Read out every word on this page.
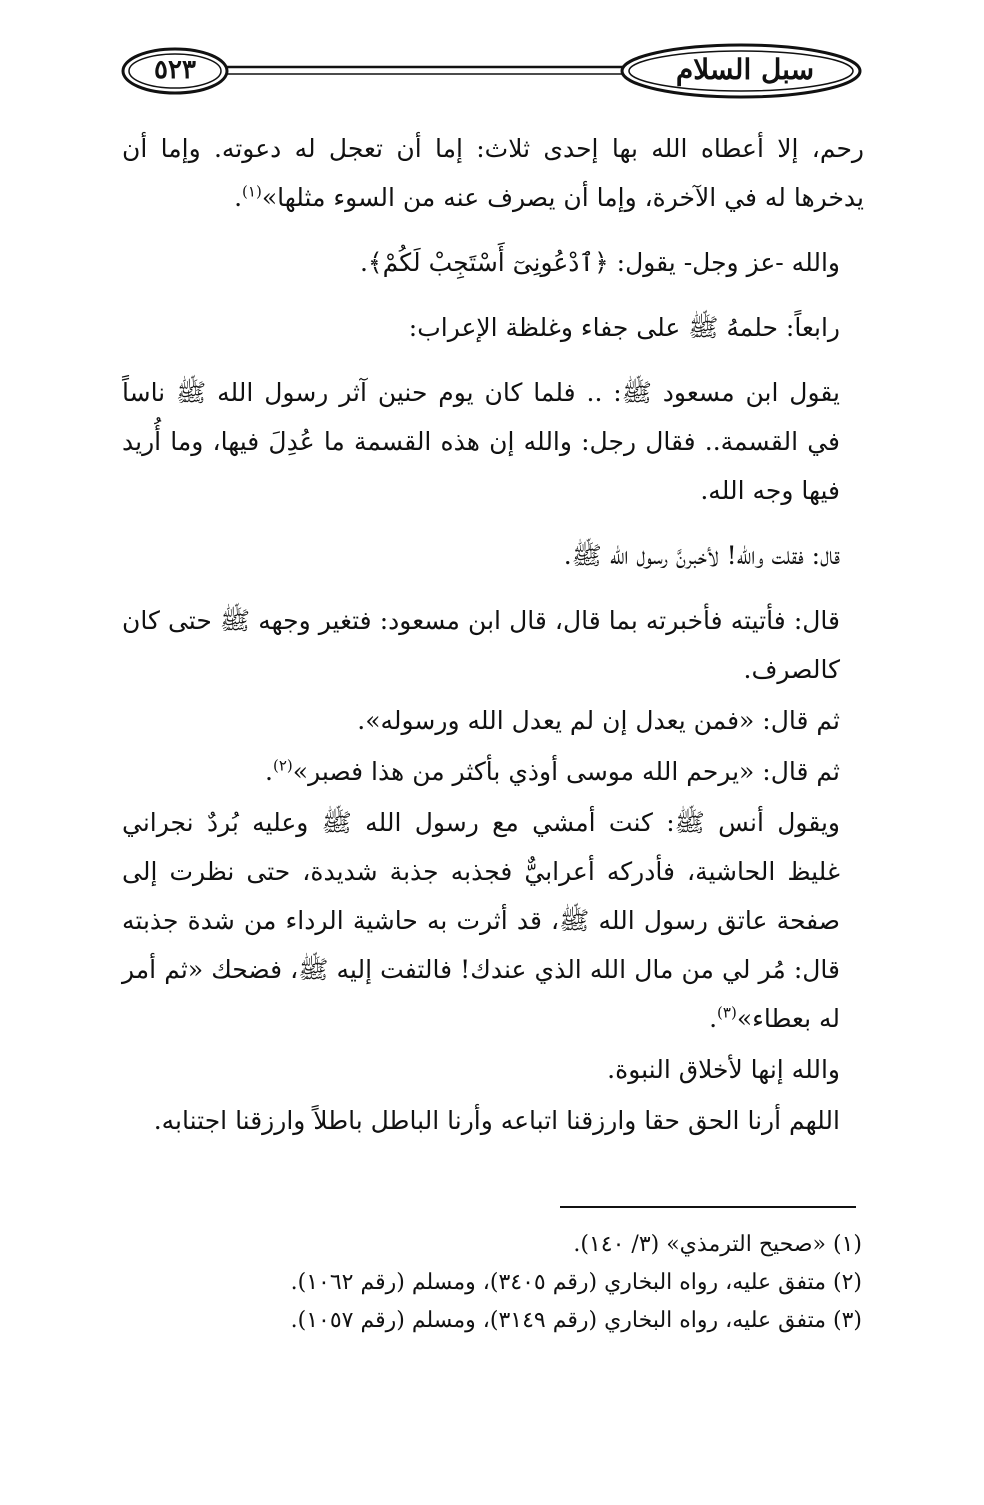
٥٢٣	سبل السلام

رحم، إلا أعطاه الله بها إحدى ثلاث: إما أن تعجل له دعوته. وإما أن يدخرها له في الآخرة، وإما أن يصرف عنه من السوء مثلها»$^{(١)}$.

والله -عز وجل- يقول: ﴿ٱدْعُونِىٓ أَسْتَجِبْ لَكُمْ﴾.

رابعاً: حلمهُ ﷺ على جفاء وغلظة الإعراب:

يقول ابن مسعود ﷺ: .. فلما كان يوم حنين آثر رسول الله ﷺ ناساً في القسمة.. فقال رجل: والله إن هذه القسمة ما عُدِلَ فيها، وما أُريد فيها وجه الله.

قال: فقلت والله! لأخبرنَّ رسول الله ﷺ.

قال: فأتيته فأخبرته بما قال، قال ابن مسعود: فتغير وجهه ﷺ حتى كان كالصرف.

ثم قال: «فمن يعدل إن لم يعدل الله ورسوله».

ثم قال: «يرحم الله موسى أوذي بأكثر من هذا فصبر»$^{(٢)}$.

ويقول أنس ﷺ: كنت أمشي مع رسول الله ﷺ وعليه بُردٌ نجراني غليظ الحاشية، فأدركه أعرابيٌّ فجذبه جذبة شديدة، حتى نظرت إلى صفحة عاتق رسول الله ﷺ، قد أثرت به حاشية الرداء من شدة جذبته قال: مُر لي من مال الله الذي عندك! فالتفت إليه ﷺ، فضحك «ثم أمر له بعطاء»$^{(٣)}$.

والله إنها لأخلاق النبوة.

اللهم أرنا الحق حقا وارزقنا اتباعه وأرنا الباطل باطلاً وارزقنا اجتنابه.

(١) «صحيح الترمذي» (٣/ ١٤٠).
(٢) متفق عليه، رواه البخاري (رقم ٣٤٠٥)، ومسلم (رقم ١٠٦٢).
(٣) متفق عليه، رواه البخاري (رقم ٣١٤٩)، ومسلم (رقم ١٠٥٧).
